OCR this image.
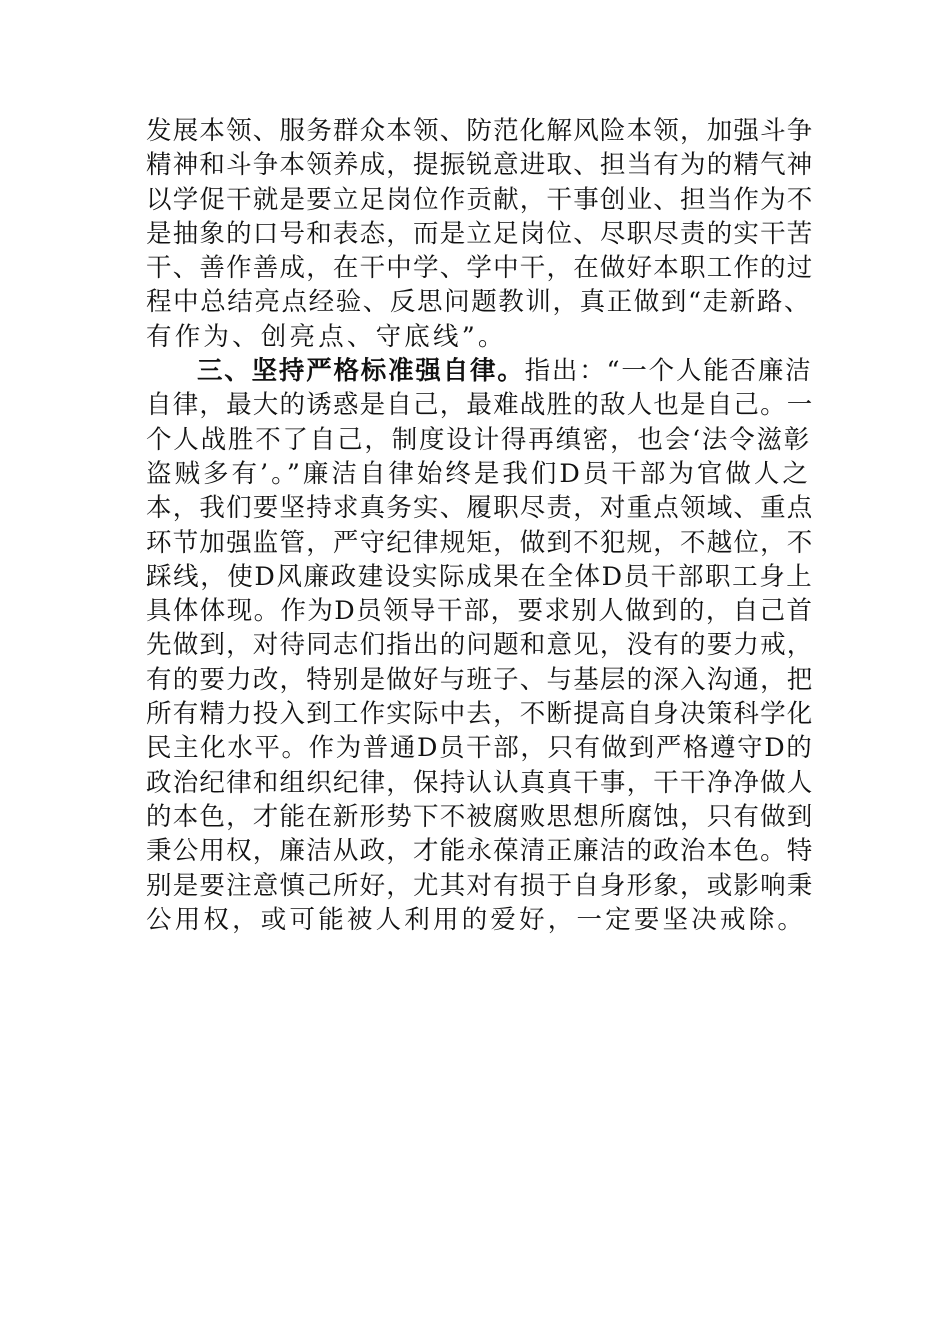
发展本领、服务群众本领、防范化解风险本领，加强斗争
精神和斗争本领养成，提振锐意进取、担当有为的精气神
以学促干就是要立足岗位作贡献，干事创业、担当作为不
是抽象的口号和表态，而是立足岗位、尽职尽责的实干苦
干、善作善成，在干中学、学中干，在做好本职工作的过
程中总结亮点经验、反思问题教训，真正做到“走新路、
有作为、创亮点、守底线”。
三、坚持严格标准强自律。指出：“一个人能否廉洁
自律，最大的诱惑是自己，最难战胜的敌人也是自己。一
个人战胜不了自己，制度设计得再缜密，也会‘法令滋彰
盗贼多有’。”廉洁自律始终是我们D员干部为官做人之
本，我们要坚持求真务实、履职尽责，对重点领域、重点
环节加强监管，严守纪律规矩，做到不犯规，不越位，不
踩线，使D风廉政建设实际成果在全体D员干部职工身上
具体体现。作为D员领导干部，要求别人做到的，自己首
先做到，对待同志们指出的问题和意见，没有的要力戒，
有的要力改，特别是做好与班子、与基层的深入沟通，把
所有精力投入到工作实际中去，不断提高自身决策科学化
民主化水平。作为普通D员干部，只有做到严格遵守D的
政治纪律和组织纪律，保持认认真真干事，干干净净做人
的本色，才能在新形势下不被腐败思想所腐蚀，只有做到
秉公用权，廉洁从政，才能永葆清正廉洁的政治本色。特
别是要注意慎己所好，尤其对有损于自身形象，或影响秉
公用权，或可能被人利用的爱好，一定要坚决戒除。
